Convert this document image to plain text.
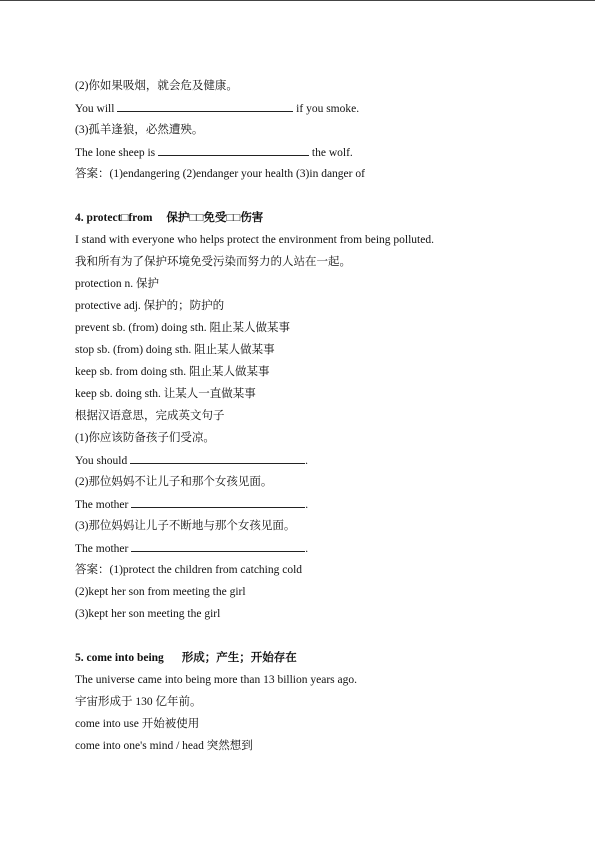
(2)你如果吸烟，就会危及健康。
You will	if you smoke.
(3)孤羊逢狼，必然遭殃。
The lone sheep is	the wolf.
答案：(1)endangering (2)endanger your health (3)in danger of
4. protect□from 保护□□免受□□伤害
I stand with everyone who helps protect the environment from being polluted.
我和所有为了保护环境免受污染而努力的人站在一起。
protection n. 保护
protective adj. 保护的；防护的
prevent sb. (from) doing sth. 阻止某人做某事
stop sb. (from) doing sth. 阻止某人做某事
keep sb. from doing sth. 阻止某人做某事
keep sb. doing sth. 让某人一直做某事
根据汉语意思，完成英文句子
(1)你应该防备孩子们受凉。
You should	.
(2)那位妈妈不让儿子和那个女孩见面。
The mother	.
(3)那位妈妈让儿子不断地与那个女孩见面。
The mother	.
答案：(1)protect the children from catching cold
(2)kept her son from meeting the girl
(3)kept her son meeting the girl
5. come into being 形成；产生；开始存在
The universe came into being more than 13 billion years ago.
宇宙形成于 130 亿年前。
come into use 开始被使用
come into one's mind / head 突然想到
